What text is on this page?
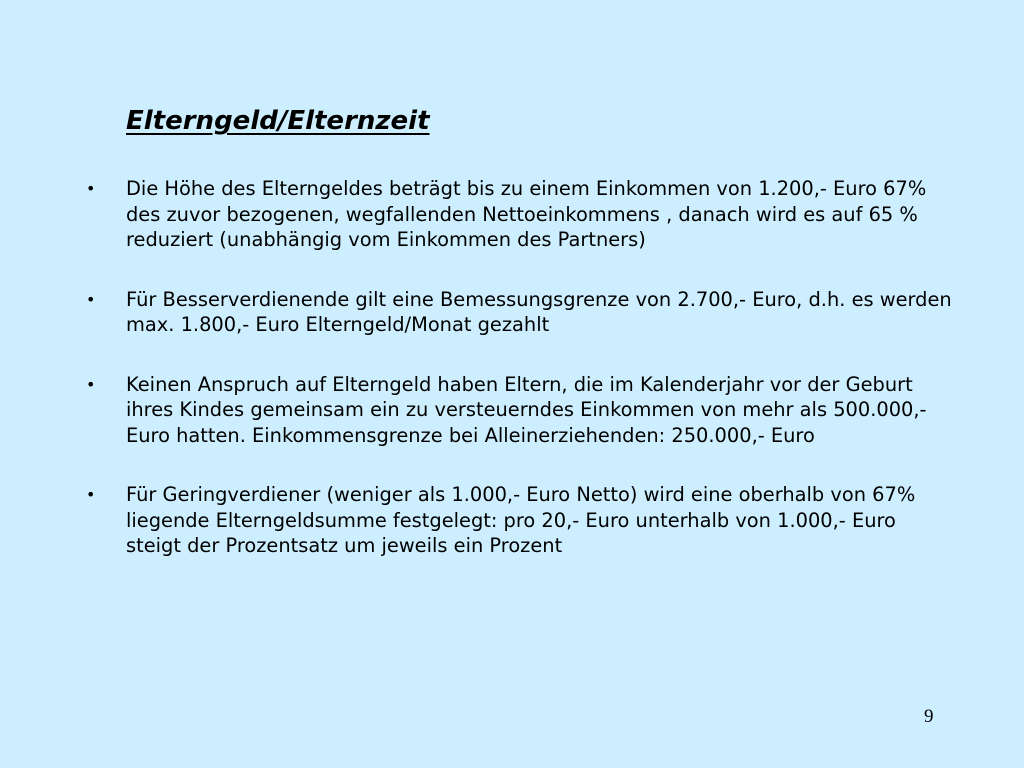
Elterngeld/Elternzeit
• Die Höhe des Elterngeldes beträgt bis zu einem Einkommen von 1.200,- Euro 67% des zuvor bezogenen, wegfallenden Nettoeinkommens , danach wird es auf 65 % reduziert (unabhängig vom Einkommen des Partners)
• Für Besserverdienende gilt eine Bemessungsgrenze von 2.700,- Euro, d.h. es werden max. 1.800,- Euro Elterngeld/Monat gezahlt
• Keinen Anspruch auf Elterngeld haben Eltern, die im Kalenderjahr vor der Geburt ihres Kindes gemeinsam ein zu versteuerndes Einkommen von mehr als 500.000,- Euro hatten. Einkommensgrenze bei Alleinerziehenden: 250.000,- Euro
• Für Geringverdiener (weniger als 1.000,- Euro Netto) wird eine oberhalb von 67% liegende Elterngeldsumme festgelegt: pro 20,- Euro unterhalb von 1.000,- Euro steigt der Prozentsatz um jeweils ein Prozent
9
